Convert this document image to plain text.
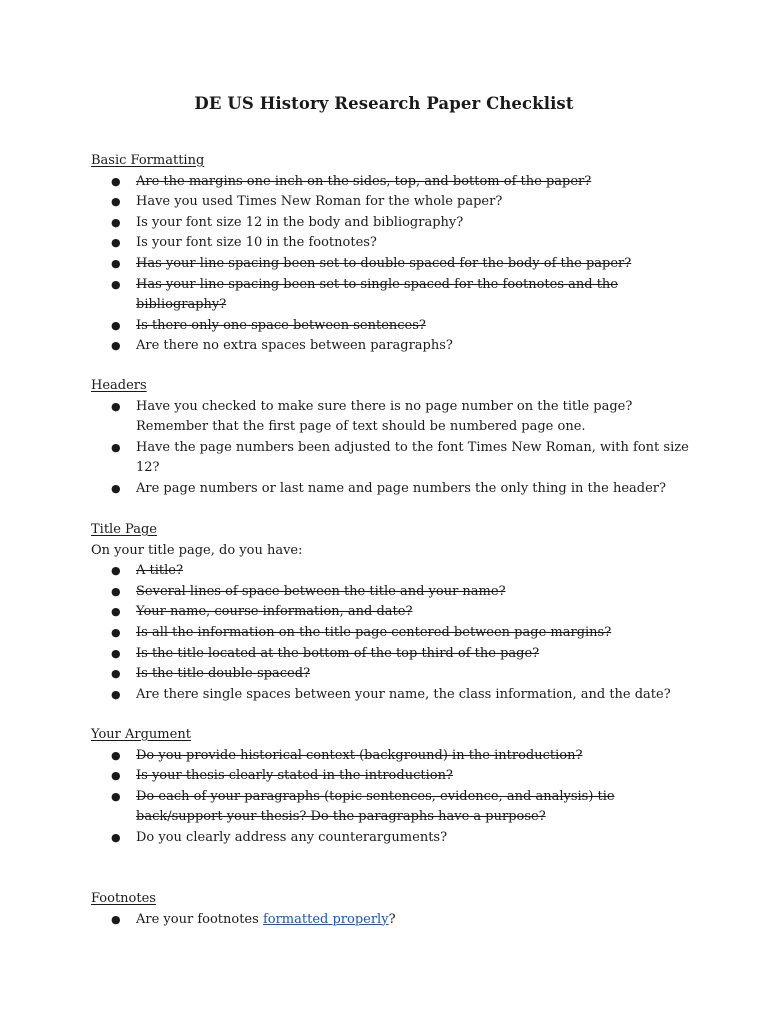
DE US History Research Paper Checklist
Basic Formatting
● Are the margins one inch on the sides, top, and bottom of the paper?
● Have you used Times New Roman for the whole paper?
● Is your font size 12 in the body and bibliography?
● Is your font size 10 in the footnotes?
● Has your line spacing been set to double spaced for the body of the paper?
● Has your line spacing been set to single spaced for the footnotes and the bibliography?
● Is there only one space between sentences?
● Are there no extra spaces between paragraphs?
Headers
● Have you checked to make sure there is no page number on the title page? Remember that the first page of text should be numbered page one.
● Have the page numbers been adjusted to the font Times New Roman, with font size 12?
● Are page numbers or last name and page numbers the only thing in the header?
Title Page
On your title page, do you have:
● A title?
● Several lines of space between the title and your name?
● Your name, course information, and date?
● Is all the information on the title page centered between page margins?
● Is the title located at the bottom of the top third of the page?
● Is the title double-spaced?
● Are there single spaces between your name, the class information, and the date?
Your Argument
● Do you provide historical context (background) in the introduction?
● Is your thesis clearly stated in the introduction?
● Do each of your paragraphs (topic sentences, evidence, and analysis) tie back/support your thesis? Do the paragraphs have a purpose?
● Do you clearly address any counterarguments?
Footnotes
● Are your footnotes formatted properly?
